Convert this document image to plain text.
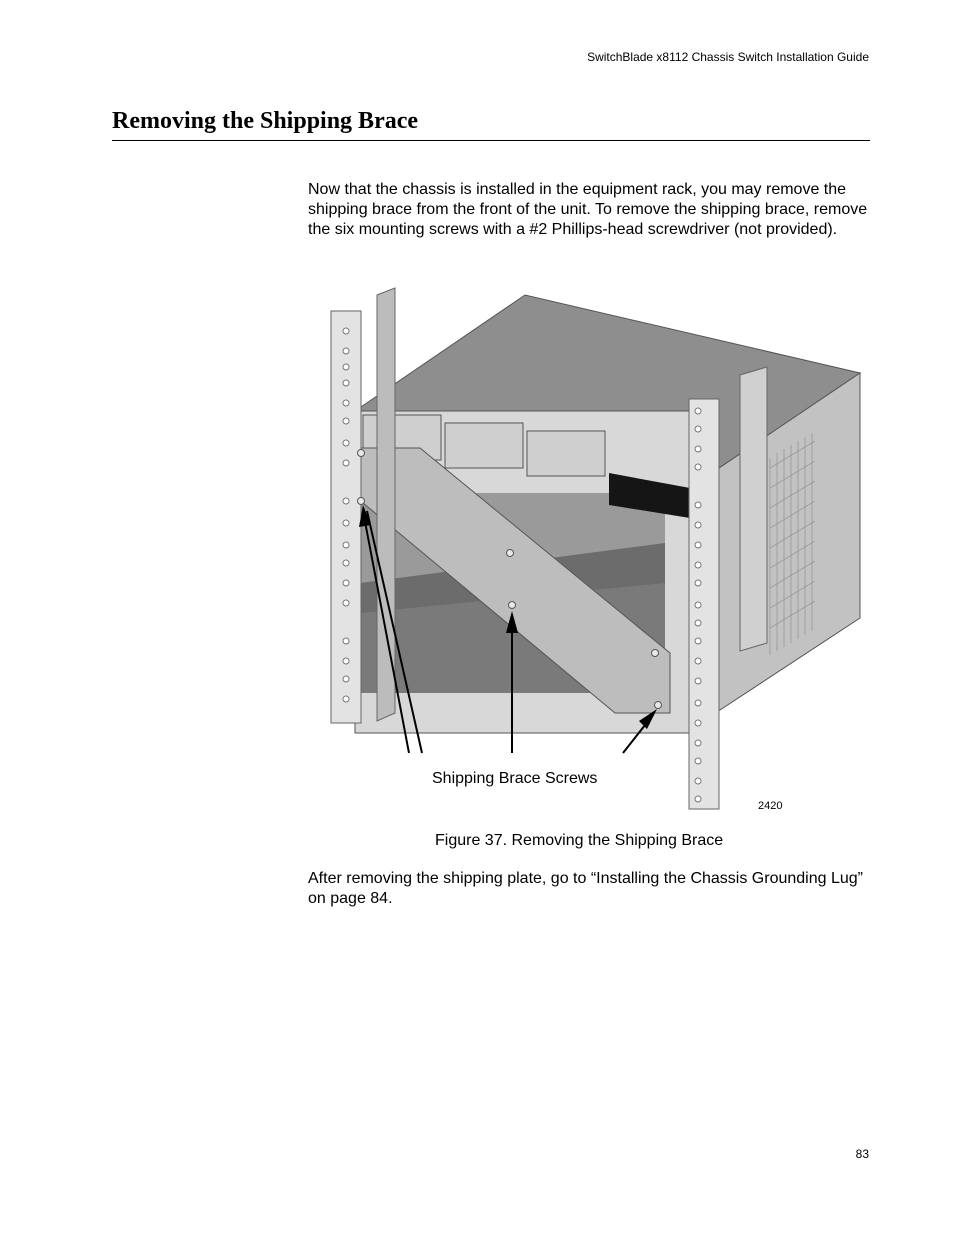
SwitchBlade x8112 Chassis Switch Installation Guide
Removing the Shipping Brace

Now that the chassis is installed in the equipment rack, you may remove the shipping brace from the front of the unit. To remove the shipping brace, remove the six mounting screws with a #2 Phillips-head screwdriver (not provided).

Shipping Brace Screws
2420
Figure 37. Removing the Shipping Brace

After removing the shipping plate, go to “Installing the Chassis Grounding Lug” on page 84.

83
